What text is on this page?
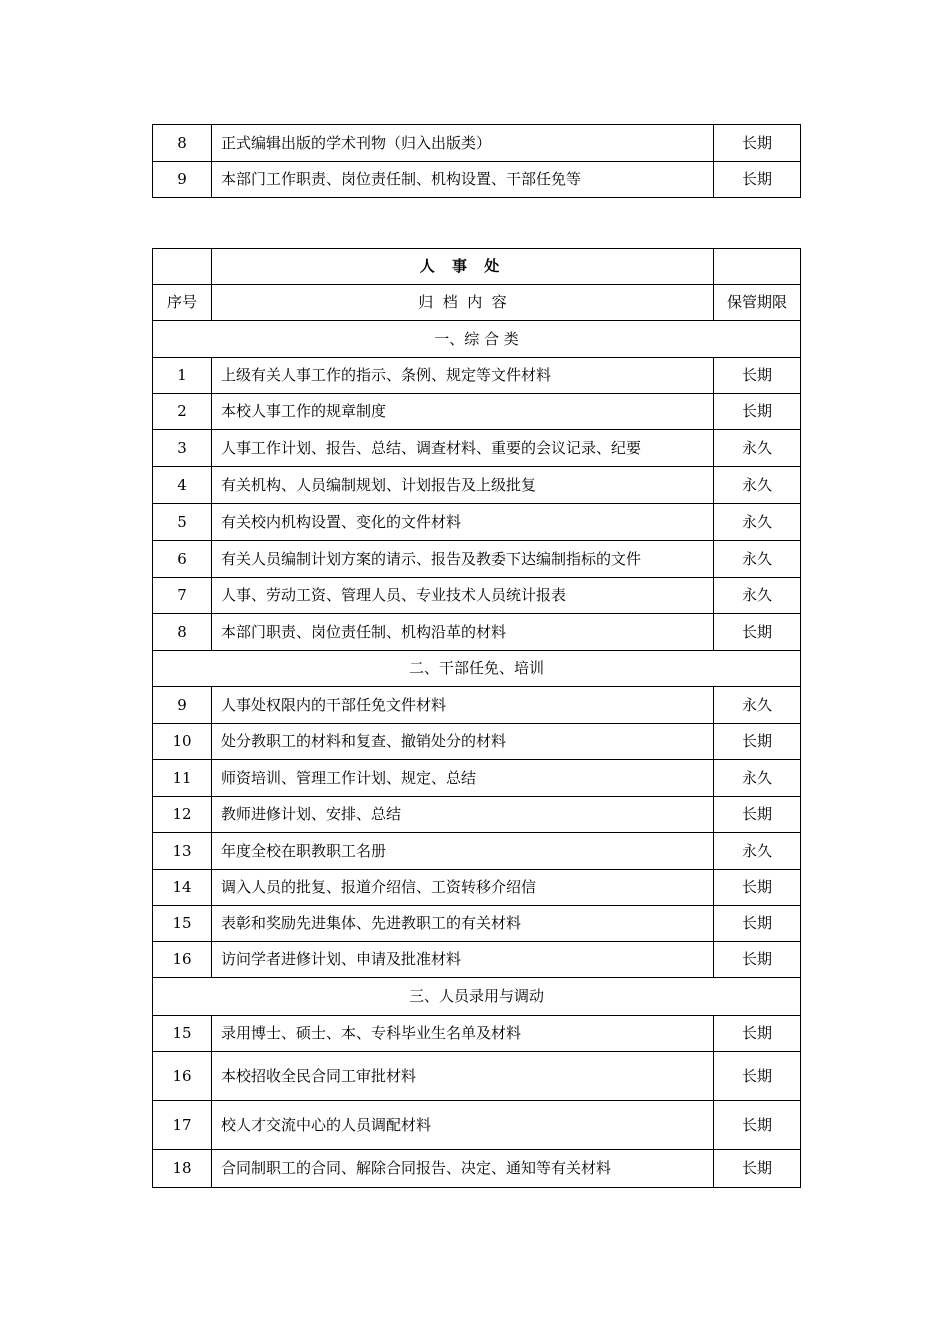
8	正式编辑出版的学术刊物（归入出版类）	长期
9	本部门工作职责、岗位责任制、机构设置、干部任免等	长期
	人 事 处	
序号	归  档  内  容	保管期限
一、综 合 类		
1	上级有关人事工作的指示、条例、规定等文件材料	长期
2	本校人事工作的规章制度	长期
3	人事工作计划、报告、总结、调查材料、重要的会议记录、纪要	永久
4	有关机构、人员编制规划、计划报告及上级批复	永久
5	有关校内机构设置、变化的文件材料	永久
6	有关人员编制计划方案的请示、报告及教委下达编制指标的文件	永久
7	人事、劳动工资、管理人员、专业技术人员统计报表	永久
8	本部门职责、岗位责任制、机构沿革的材料	长期
二、干部任免、培训		
9	人事处权限内的干部任免文件材料	永久
10	处分教职工的材料和复查、撤销处分的材料	长期
11	师资培训、管理工作计划、规定、总结	永久
12	教师进修计划、安排、总结	长期
13	年度全校在职教职工名册	永久
14	调入人员的批复、报道介绍信、工资转移介绍信	长期
15	表彰和奖励先进集体、先进教职工的有关材料	长期
16	访问学者进修计划、申请及批准材料	长期
三、人员录用与调动		
15	录用博士、硕士、本、专科毕业生名单及材料	长期
16	本校招收全民合同工审批材料	长期
17	校人才交流中心的人员调配材料	长期
18	合同制职工的合同、解除合同报告、决定、通知等有关材料	长期
